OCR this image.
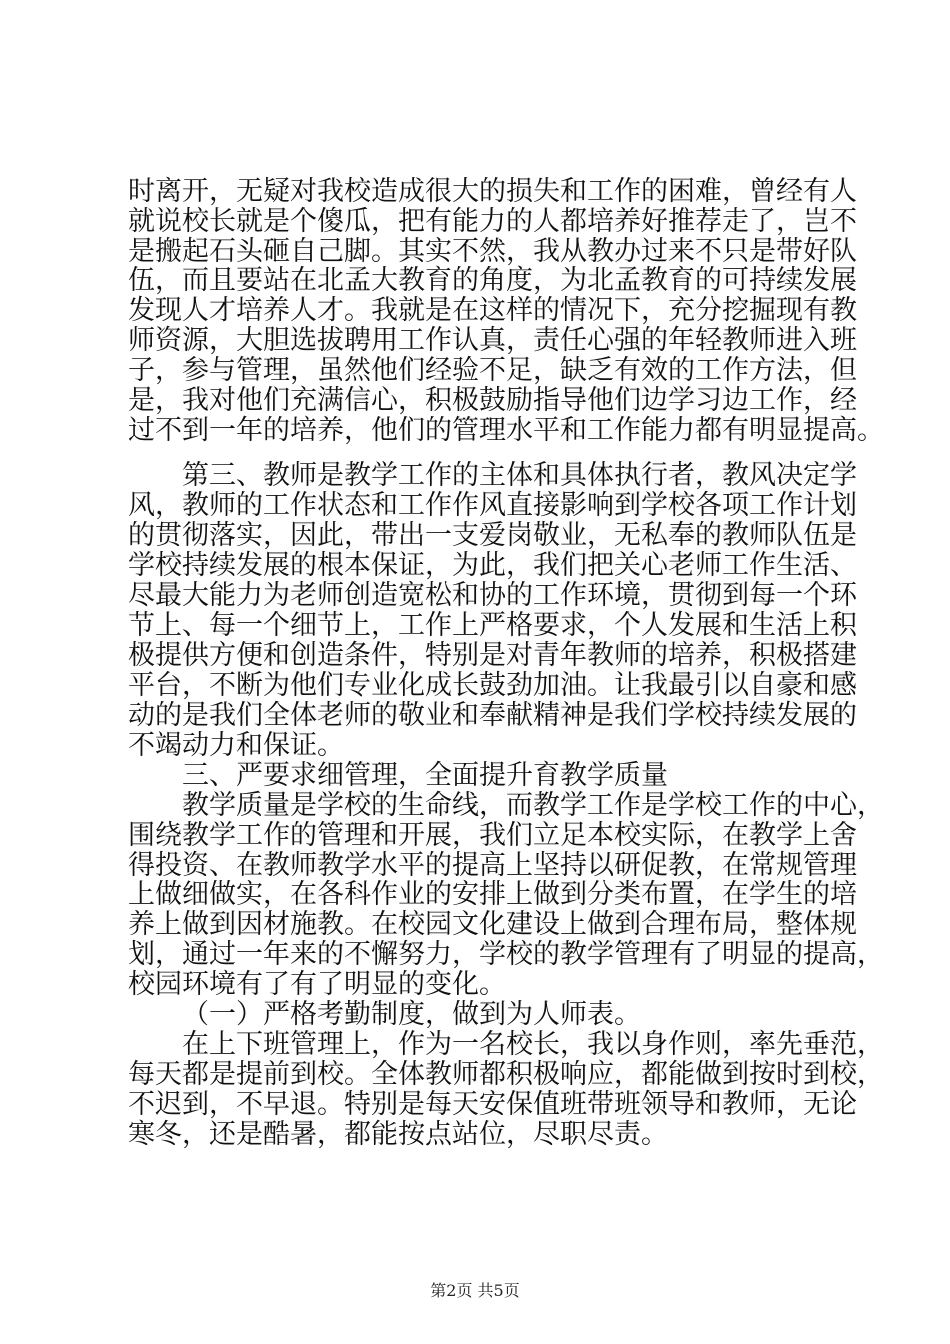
时离开，无疑对我校造成很大的损失和工作的困难，曾经有人
就说校长就是个傻瓜，把有能力的人都培养好推荐走了，岂不
是搬起石头砸自己脚。其实不然，我从教办过来不只是带好队
伍，而且要站在北孟大教育的角度，为北孟教育的可持续发展
发现人才培养人才。我就是在这样的情况下，充分挖掘现有教
师资源，大胆选拔聘用工作认真，责任心强的年轻教师进入班
子，参与管理，虽然他们经验不足，缺乏有效的工作方法，但
是，我对他们充满信心，积极鼓励指导他们边学习边工作，经
过不到一年的培养，他们的管理水平和工作能力都有明显提高。
第三、教师是教学工作的主体和具体执行者，教风决定学
风，教师的工作状态和工作作风直接影响到学校各项工作计划
的贯彻落实，因此，带出一支爱岗敬业，无私奉的教师队伍是
学校持续发展的根本保证，为此，我们把关心老师工作生活、
尽最大能力为老师创造宽松和协的工作环境，贯彻到每一个环
节上、每一个细节上，工作上严格要求，个人发展和生活上积
极提供方便和创造条件，特别是对青年教师的培养，积极搭建
平台，不断为他们专业化成长鼓劲加油。让我最引以自豪和感
动的是我们全体老师的敬业和奉献精神是我们学校持续发展的
不竭动力和保证。
三、严要求细管理，全面提升育教学质量
教学质量是学校的生命线，而教学工作是学校工作的中心，
围绕教学工作的管理和开展，我们立足本校实际，在教学上舍
得投资、在教师教学水平的提高上坚持以研促教，在常规管理
上做细做实，在各科作业的安排上做到分类布置，在学生的培
养上做到因材施教。在校园文化建设上做到合理布局，整体规
划，通过一年来的不懈努力，学校的教学管理有了明显的提高，
校园环境有了有了明显的变化。
（一）严格考勤制度，做到为人师表。
在上下班管理上，作为一名校长，我以身作则，率先垂范，
第2页 共5页
每天都是提前到校。全体教师都积极响应，都能做到按时到校，
不迟到，不早退。特别是每天安保值班带班领导和教师，无论
寒冬，还是酷暑，都能按点站位，尽职尽责。
